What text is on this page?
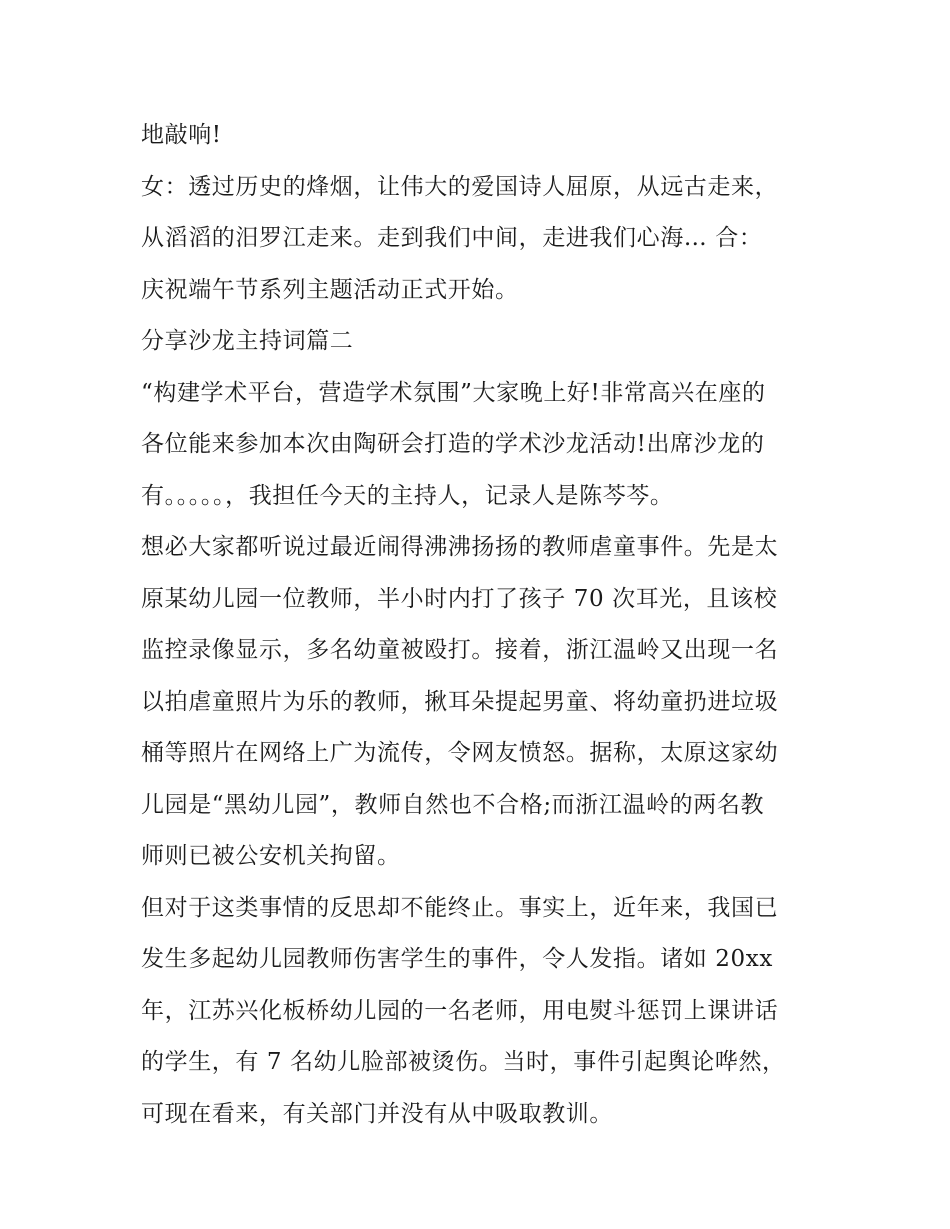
地敲响!
女：透过历史的烽烟，让伟大的爱国诗人屈原，从远古走来，
从滔滔的汨罗江走来。走到我们中间，走进我们心海… 合：
庆祝端午节系列主题活动正式开始。
分享沙龙主持词篇二
“构建学术平台，营造学术氛围”大家晚上好!非常高兴在座的
各位能来参加本次由陶研会打造的学术沙龙活动!出席沙龙的
有。。。。。，我担任今天的主持人，记录人是陈芩芩。
想必大家都听说过最近闹得沸沸扬扬的教师虐童事件。先是太
原某幼儿园一位教师，半小时内打了孩子 70 次耳光，且该校
监控录像显示，多名幼童被殴打。接着，浙江温岭又出现一名
以拍虐童照片为乐的教师，揪耳朵提起男童、将幼童扔进垃圾
桶等照片在网络上广为流传，令网友愤怒。据称，太原这家幼
儿园是“黑幼儿园”，教师自然也不合格;而浙江温岭的两名教
师则已被公安机关拘留。
但对于这类事情的反思却不能终止。事实上，近年来，我国已
发生多起幼儿园教师伤害学生的事件，令人发指。诸如 20xx
年，江苏兴化板桥幼儿园的一名老师，用电熨斗惩罚上课讲话
的学生，有 7 名幼儿脸部被烫伤。当时，事件引起舆论哗然，
可现在看来，有关部门并没有从中吸取教训。
